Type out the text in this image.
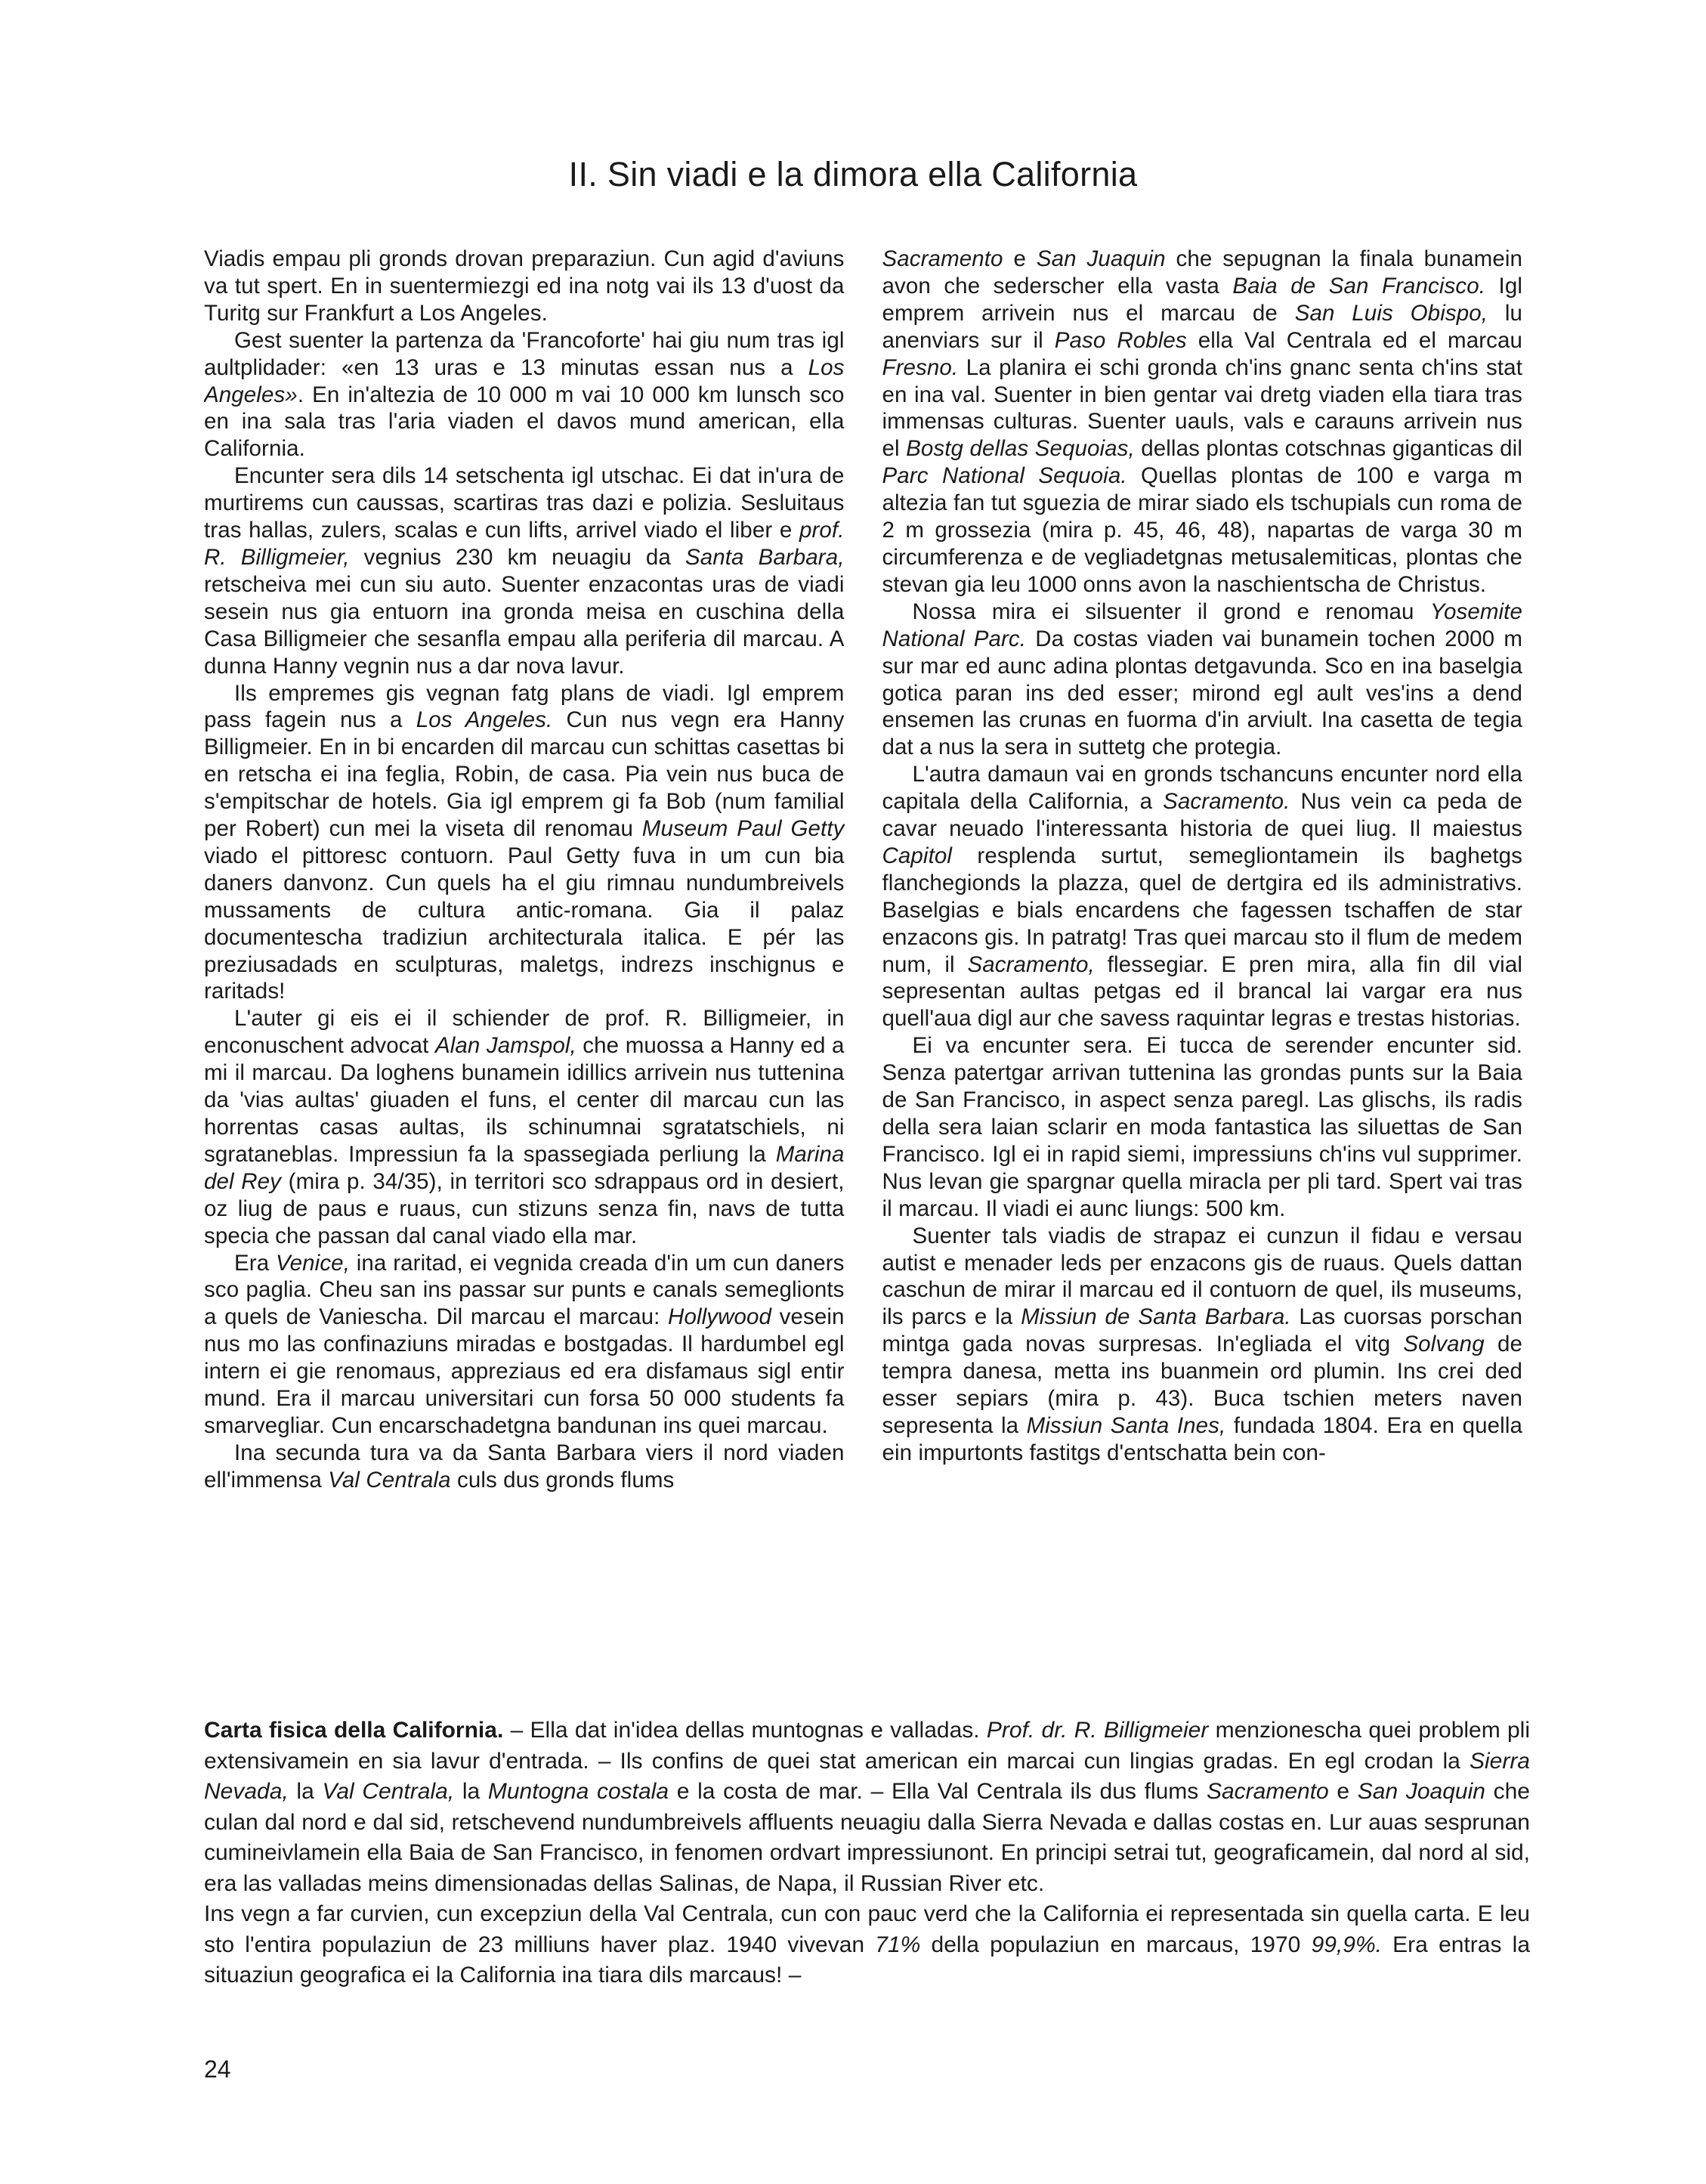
II. Sin viadi e la dimora ella California

Viadis empau pli gronds drovan preparaziun. Cun agid d'aviuns va tut spert. En in suentermiezgi ed ina notg vai ils 13 d'uost da Turitg sur Frankfurt a Los Angeles.

Gest suenter la partenza da 'Francoforte' hai giu num tras igl aultplidader: «en 13 uras e 13 minutas essan nus a Los Angeles». En in'altezia de 10 000 m vai 10 000 km lunsch sco en ina sala tras l'aria viaden el davos mund american, ella California.

Encunter sera dils 14 setschenta igl utschac. Ei dat in'ura de murtirems cun caussas, scartiras tras dazi e polizia. Sesluitaus tras hallas, zulers, scalas e cun lifts, arrivel viado el liber e prof. R. Billigmeier, vegnius 230 km neuagiu da Santa Barbara, retscheiva mei cun siu auto. Suenter enzacontas uras de viadi sesein nus gia entuorn ina gronda meisa en cuschina della Casa Billigmeier che sesanfla empau alla periferia dil marcau. A dunna Hanny vegnin nus a dar nova lavur.

Ils empremes gis vegnan fatg plans de viadi. Igl emprem pass fagein nus a Los Angeles. Cun nus vegn era Hanny Billigmeier. En in bi encarden dil marcau cun schittas casettas bi en retscha ei ina feglia, Robin, de casa. Pia vein nus buca de s'empitschar de hotels. Gia igl emprem gi fa Bob (num familial per Robert) cun mei la viseta dil renomau Museum Paul Getty viado el pittoresc contuorn. Paul Getty fuva in um cun bia daners danvonz. Cun quels ha el giu rimnau nundumbreivels mussaments de cultura antic-romana. Gia il palaz documentescha tradiziun architecturala italica. E pér las preziusadads en sculpturas, maletgs, indrezs inschignus e raritads!

L'auter gi eis ei il schiender de prof. R. Billigmeier, in enconuschent advocat Alan Jamspol, che muossa a Hanny ed a mi il marcau. Da loghens bunamein idillics arrivein nus tuttenina da 'vias aultas' giuaden el funs, el center dil marcau cun las horrentas casas aultas, ils schinumnai sgratatschiels, ni sgrataneblas. Impressiun fa la spassegiada perliung la Marina del Rey (mira p. 34/35), in territori sco sdrappaus ord in desiert, oz liug de paus e ruaus, cun stizuns senza fin, navs de tutta specia che passan dal canal viado ella mar.

Era Venice, ina raritad, ei vegnida creada d'in um cun daners sco paglia. Cheu san ins passar sur punts e canals semeglionts a quels de Vaniescha. Dil marcau el marcau: Hollywood vesein nus mo las confinaziuns miradas e bostgadas. Il hardumbel egl intern ei gie renomaus, appreziaus ed era disfamaus sigl entir mund. Era il marcau universitari cun forsa 50 000 students fa smarvegliar. Cun encarschadetgna bandunan ins quei marcau.

Ina secunda tura va da Santa Barbara viers il nord viaden ell'immensa Val Centrala culs dus gronds flums

Sacramento e San Juaquin che sepugnan la finala bunamein avon che sederscher ella vasta Baia de San Francisco. Igl emprem arrivein nus el marcau de San Luis Obispo, lu anenviars sur il Paso Robles ella Val Centrala ed el marcau Fresno. La planira ei schi gronda ch'ins gnanc senta ch'ins stat en ina val. Suenter in bien gentar vai dretg viaden ella tiara tras immensas culturas. Suenter uauls, vals e carauns arrivein nus el Bostg dellas Sequoias, dellas plontas cotschnas giganticas dil Parc National Sequoia. Quellas plontas de 100 e varga m altezia fan tut sguezia de mirar siado els tschupials cun roma de 2 m grossezia (mira p. 45, 46, 48), napartas de varga 30 m circumferenza e de vegliadetgnas metusalemiticas, plontas che stevan gia leu 1000 onns avon la naschientscha de Christus.

Nossa mira ei silsuenter il grond e renomau Yosemite National Parc. Da costas viaden vai bunamein tochen 2000 m sur mar ed aunc adina plontas detgavunda. Sco en ina baselgia gotica paran ins ded esser; mirond egl ault ves'ins a dend ensemen las crunas en fuorma d'in arviult. Ina casetta de tegia dat a nus la sera in suttetg che protegia.

L'autra damaun vai en gronds tschancuns encunter nord ella capitala della California, a Sacramento. Nus vein ca peda de cavar neuado l'interessanta historia de quei liug. Il maiestus Capitol resplenda surtut, semegliontamein ils baghetgs flanchegionds la plazza, quel de dertgira ed ils administrativs. Baselgias e bials encardens che fagessen tschaffen de star enzacons gis. In patratg! Tras quei marcau sto il flum de medem num, il Sacramento, flessegiar. E pren mira, alla fin dil vial sepresentan aultas petgas ed il brancal lai vargar era nus quell'aua digl aur che savess raquintar legras e trestas historias.

Ei va encunter sera. Ei tucca de serender encunter sid. Senza patertgar arrivan tuttenina las grondas punts sur la Baia de San Francisco, in aspect senza paregl. Las glischs, ils radis della sera laian sclarir en moda fantastica las siluettas de San Francisco. Igl ei in rapid siemi, impressiuns ch'ins vul supprimer. Nus levan gie spargnar quella miracla per pli tard. Spert vai tras il marcau. Il viadi ei aunc liungs: 500 km.

Suenter tals viadis de strapaz ei cunzun il fidau e versau autist e menader leds per enzacons gis de ruaus. Quels dattan caschun de mirar il marcau ed il contuorn de quel, ils museums, ils parcs e la Missiun de Santa Barbara. Las cuorsas porschan mintga gada novas surpresas. In'egliada el vitg Solvang de tempra danesa, metta ins buanmein ord plumin. Ins crei ded esser sepiars (mira p. 43). Buca tschien meters naven sepresenta la Missiun Santa Ines, fundada 1804. Era en quella ein impurtonts fastitgs d'entschatta bein con-

Carta fisica della California. – Ella dat in'idea dellas muntognas e valladas. Prof. dr. R. Billigmeier menzionescha quei problem pli extensivamein en sia lavur d'entrada. – Ils confins de quei stat american ein marcai cun lingias gradas. En egl crodan la Sierra Nevada, la Val Centrala, la Muntogna costala e la costa de mar. – Ella Val Centrala ils dus flums Sacramento e San Joaquin che culan dal nord e dal sid, retschevend nundumbreivels affluents neuagiu dalla Sierra Nevada e dallas costas en. Lur auas sesprunan cumineivlamein ella Baia de San Francisco, in fenomen ordvart impressiunont. En principi setrai tut, geograficamein, dal nord al sid, era las valladas meins dimensionadas dellas Salinas, de Napa, il Russian River etc.

Ins vegn a far curvien, cun excepziun della Val Centrala, cun con pauc verd che la California ei representada sin quella carta. E leu sto l'entira populaziun de 23 milliuns haver plaz. 1940 vivevan 71% della populaziun en marcaus, 1970 99,9%. Era entras la situaziun geografica ei la California ina tiara dils marcaus! –

24
